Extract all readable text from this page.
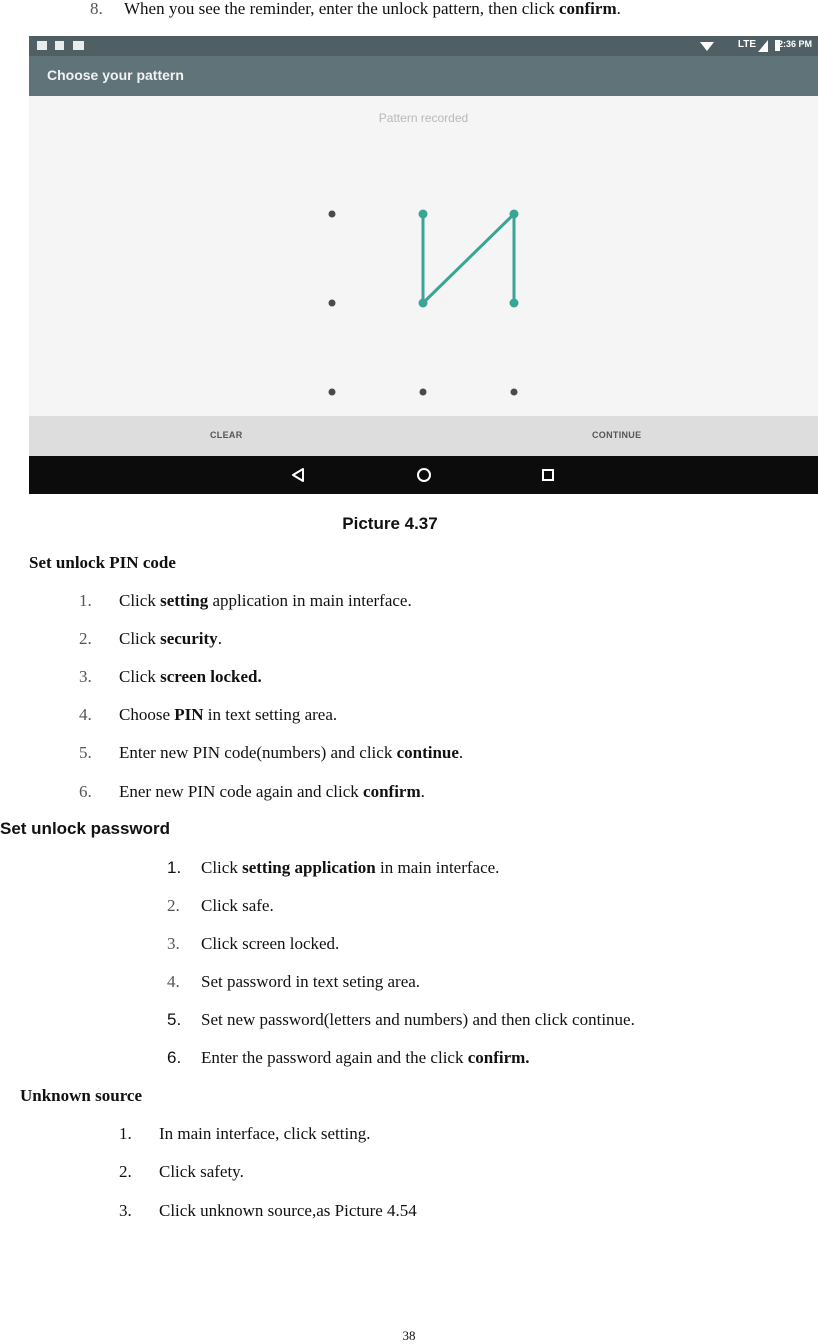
8. When you see the reminder, enter the unlock pattern, then click confirm.
LTE 2:36 PM
Choose your pattern
Pattern recorded
CLEAR	CONTINUE
Picture 4.37
Set unlock PIN code
1. Click setting application in main interface.
2. Click security.
3. Click screen locked.
4. Choose PIN in text setting area.
5. Enter new PIN code(numbers) and click continue.
6. Ener new PIN code again and click confirm.
Set unlock password
1. Click setting application in main interface.
2. Click safe.
3. Click screen locked.
4. Set password in text seting area.
5. Set new password(letters and numbers) and then click continue.
6. Enter the password again and the click confirm.
Unknown source
1. In main interface, click setting.
2. Click safety.
3. Click unknown source,as Picture 4.54
38
